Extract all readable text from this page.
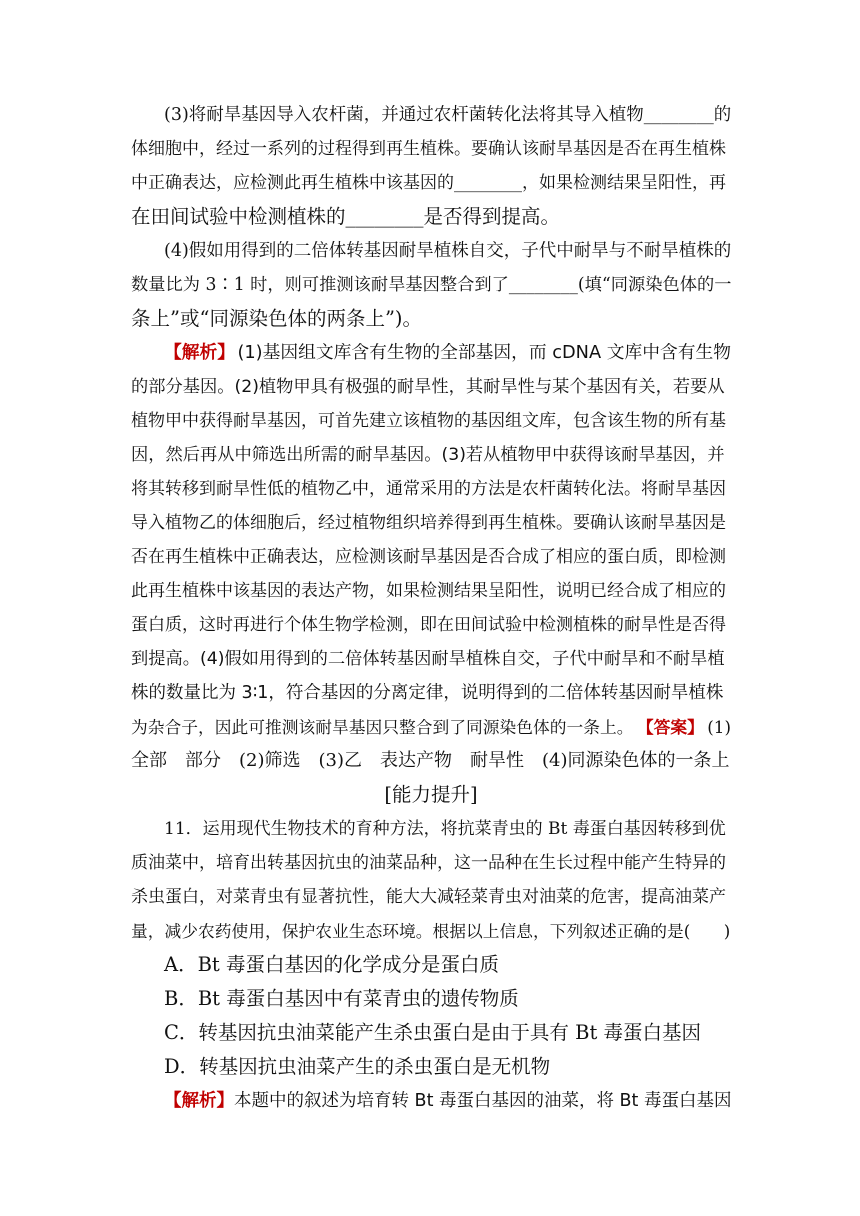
(3)将耐旱基因导入农杆菌，并通过农杆菌转化法将其导入植物________的
体细胞中，经过一系列的过程得到再生植株。要确认该耐旱基因是否在再生植株
中正确表达，应检测此再生植株中该基因的________，如果检测结果呈阳性，再
在田间试验中检测植株的________是否得到提高。
(4)假如用得到的二倍体转基因耐旱植株自交，子代中耐旱与不耐旱植株的
数量比为 3∶1 时，则可推测该耐旱基因整合到了________(填“同源染色体的一
条上”或“同源染色体的两条上”)。
【解析】 (1)基因组文库含有生物的全部基因，而 cDNA 文库中含有生物
的部分基因。(2)植物甲具有极强的耐旱性，其耐旱性与某个基因有关，若要从
植物甲中获得耐旱基因，可首先建立该植物的基因组文库，包含该生物的所有基
因，然后再从中筛选出所需的耐旱基因。(3)若从植物甲中获得该耐旱基因，并
将其转移到耐旱性低的植物乙中，通常采用的方法是农杆菌转化法。将耐旱基因
导入植物乙的体细胞后，经过植物组织培养得到再生植株。要确认该耐旱基因是
否在再生植株中正确表达，应检测该耐旱基因是否合成了相应的蛋白质，即检测
此再生植株中该基因的表达产物，如果检测结果呈阳性，说明已经合成了相应的
蛋白质，这时再进行个体生物学检测，即在田间试验中检测植株的耐旱性是否得
到提高。(4)假如用得到的二倍体转基因耐旱植株自交，子代中耐旱和不耐旱植
株的数量比为 3∶1，符合基因的分离定律，说明得到的二倍体转基因耐旱植株
为杂合子，因此可推测该耐旱基因只整合到了同源染色体的一条上。 【答案】 (1)
全部　部分　(2)筛选　(3)乙　表达产物　耐旱性　(4)同源染色体的一条上
[能力提升]
11．运用现代生物技术的育种方法，将抗菜青虫的 Bt 毒蛋白基因转移到优
质油菜中，培育出转基因抗虫的油菜品种，这一品种在生长过程中能产生特异的
杀虫蛋白，对菜青虫有显著抗性，能大大减轻菜青虫对油菜的危害，提高油菜产
量，减少农药使用，保护农业生态环境。根据以上信息，下列叙述正确的是(　　)
A．Bt 毒蛋白基因的化学成分是蛋白质
B．Bt 毒蛋白基因中有菜青虫的遗传物质
C．转基因抗虫油菜能产生杀虫蛋白是由于具有 Bt 毒蛋白基因
D．转基因抗虫油菜产生的杀虫蛋白是无机物
【解析】 本题中的叙述为培育转 Bt 毒蛋白基因的油菜，将 Bt 毒蛋白基因
